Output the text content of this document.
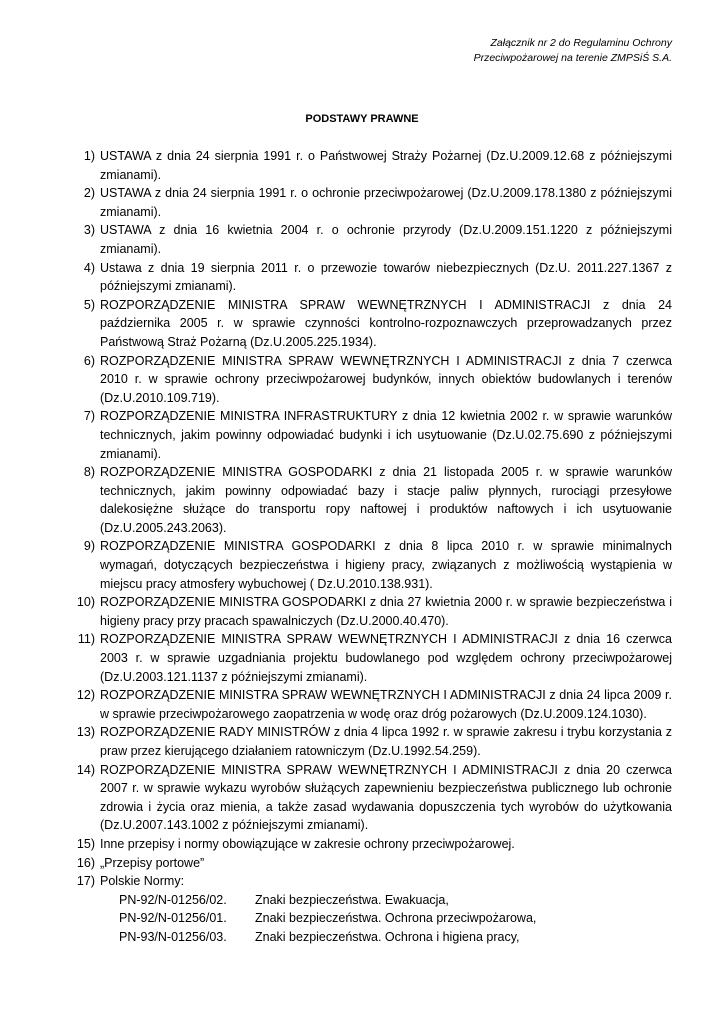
Załącznik nr 2 do Regulaminu Ochrony
Przeciwpożarowej na terenie ZMPSiŚ S.A.
PODSTAWY PRAWNE
1) USTAWA z dnia 24 sierpnia 1991 r. o Państwowej Straży Pożarnej (Dz.U.2009.12.68 z późniejszymi zmianami).
2) USTAWA z dnia 24 sierpnia 1991 r. o ochronie przeciwpożarowej (Dz.U.2009.178.1380 z późniejszymi zmianami).
3) USTAWA z dnia 16 kwietnia 2004 r. o ochronie przyrody (Dz.U.2009.151.1220 z późniejszymi zmianami).
4) Ustawa z dnia 19 sierpnia 2011 r. o przewozie towarów niebezpiecznych (Dz.U. 2011.227.1367 z późniejszymi zmianami).
5) ROZPORZĄDZENIE MINISTRA SPRAW WEWNĘTRZNYCH I ADMINISTRACJI z dnia 24 października 2005 r. w sprawie czynności kontrolno-rozpoznawczych przeprowadzanych przez Państwową Straż Pożarną (Dz.U.2005.225.1934).
6) ROZPORZĄDZENIE MINISTRA SPRAW WEWNĘTRZNYCH I ADMINISTRACJI z dnia 7 czerwca 2010 r. w sprawie ochrony przeciwpożarowej budynków, innych obiektów budowlanych i terenów (Dz.U.2010.109.719).
7) ROZPORZĄDZENIE MINISTRA INFRASTRUKTURY z dnia 12 kwietnia 2002 r. w sprawie warunków technicznych, jakim powinny odpowiadać budynki i ich usytuowanie (Dz.U.02.75.690 z późniejszymi zmianami).
8) ROZPORZĄDZENIE MINISTRA GOSPODARKI z dnia 21 listopada 2005 r. w sprawie warunków technicznych, jakim powinny odpowiadać bazy i stacje paliw płynnych, rurociągi przesyłowe dalekosiężne służące do transportu ropy naftowej i produktów naftowych i ich usytuowanie (Dz.U.2005.243.2063).
9) ROZPORZĄDZENIE MINISTRA GOSPODARKI z dnia 8 lipca 2010 r. w sprawie minimalnych wymagań, dotyczących bezpieczeństwa i higieny pracy, związanych z możliwością wystąpienia w miejscu pracy atmosfery wybuchowej ( Dz.U.2010.138.931).
10) ROZPORZĄDZENIE MINISTRA GOSPODARKI z dnia 27 kwietnia 2000 r. w sprawie bezpieczeństwa i higieny pracy przy pracach spawalniczych (Dz.U.2000.40.470).
11) ROZPORZĄDZENIE MINISTRA SPRAW WEWNĘTRZNYCH I ADMINISTRACJI z dnia 16 czerwca 2003 r. w sprawie uzgadniania projektu budowlanego pod względem ochrony przeciwpożarowej (Dz.U.2003.121.1137 z późniejszymi zmianami).
12) ROZPORZĄDZENIE MINISTRA SPRAW WEWNĘTRZNYCH I ADMINISTRACJI z dnia 24 lipca 2009 r. w sprawie przeciwpożarowego zaopatrzenia w wodę oraz dróg pożarowych (Dz.U.2009.124.1030).
13) ROZPORZĄDZENIE RADY MINISTRÓW z dnia 4 lipca 1992 r. w sprawie zakresu i trybu korzystania z praw przez kierującego działaniem ratowniczym (Dz.U.1992.54.259).
14) ROZPORZĄDZENIE MINISTRA SPRAW WEWNĘTRZNYCH I ADMINISTRACJI z dnia 20 czerwca 2007 r. w sprawie wykazu wyrobów służących zapewnieniu bezpieczeństwa publicznego lub ochronie zdrowia i życia oraz mienia, a także zasad wydawania dopuszczenia tych wyrobów do użytkowania (Dz.U.2007.143.1002 z późniejszymi zmianami).
15) Inne przepisy i normy obowiązujące w zakresie ochrony przeciwpożarowej.
16) „Przepisy portowe”
17) Polskie Normy:
PN-92/N-01256/02.	Znaki bezpieczeństwa. Ewakuacja,
PN-92/N-01256/01.	Znaki bezpieczeństwa. Ochrona przeciwpożarowa,
PN-93/N-01256/03.	Znaki bezpieczeństwa. Ochrona i higiena pracy,
